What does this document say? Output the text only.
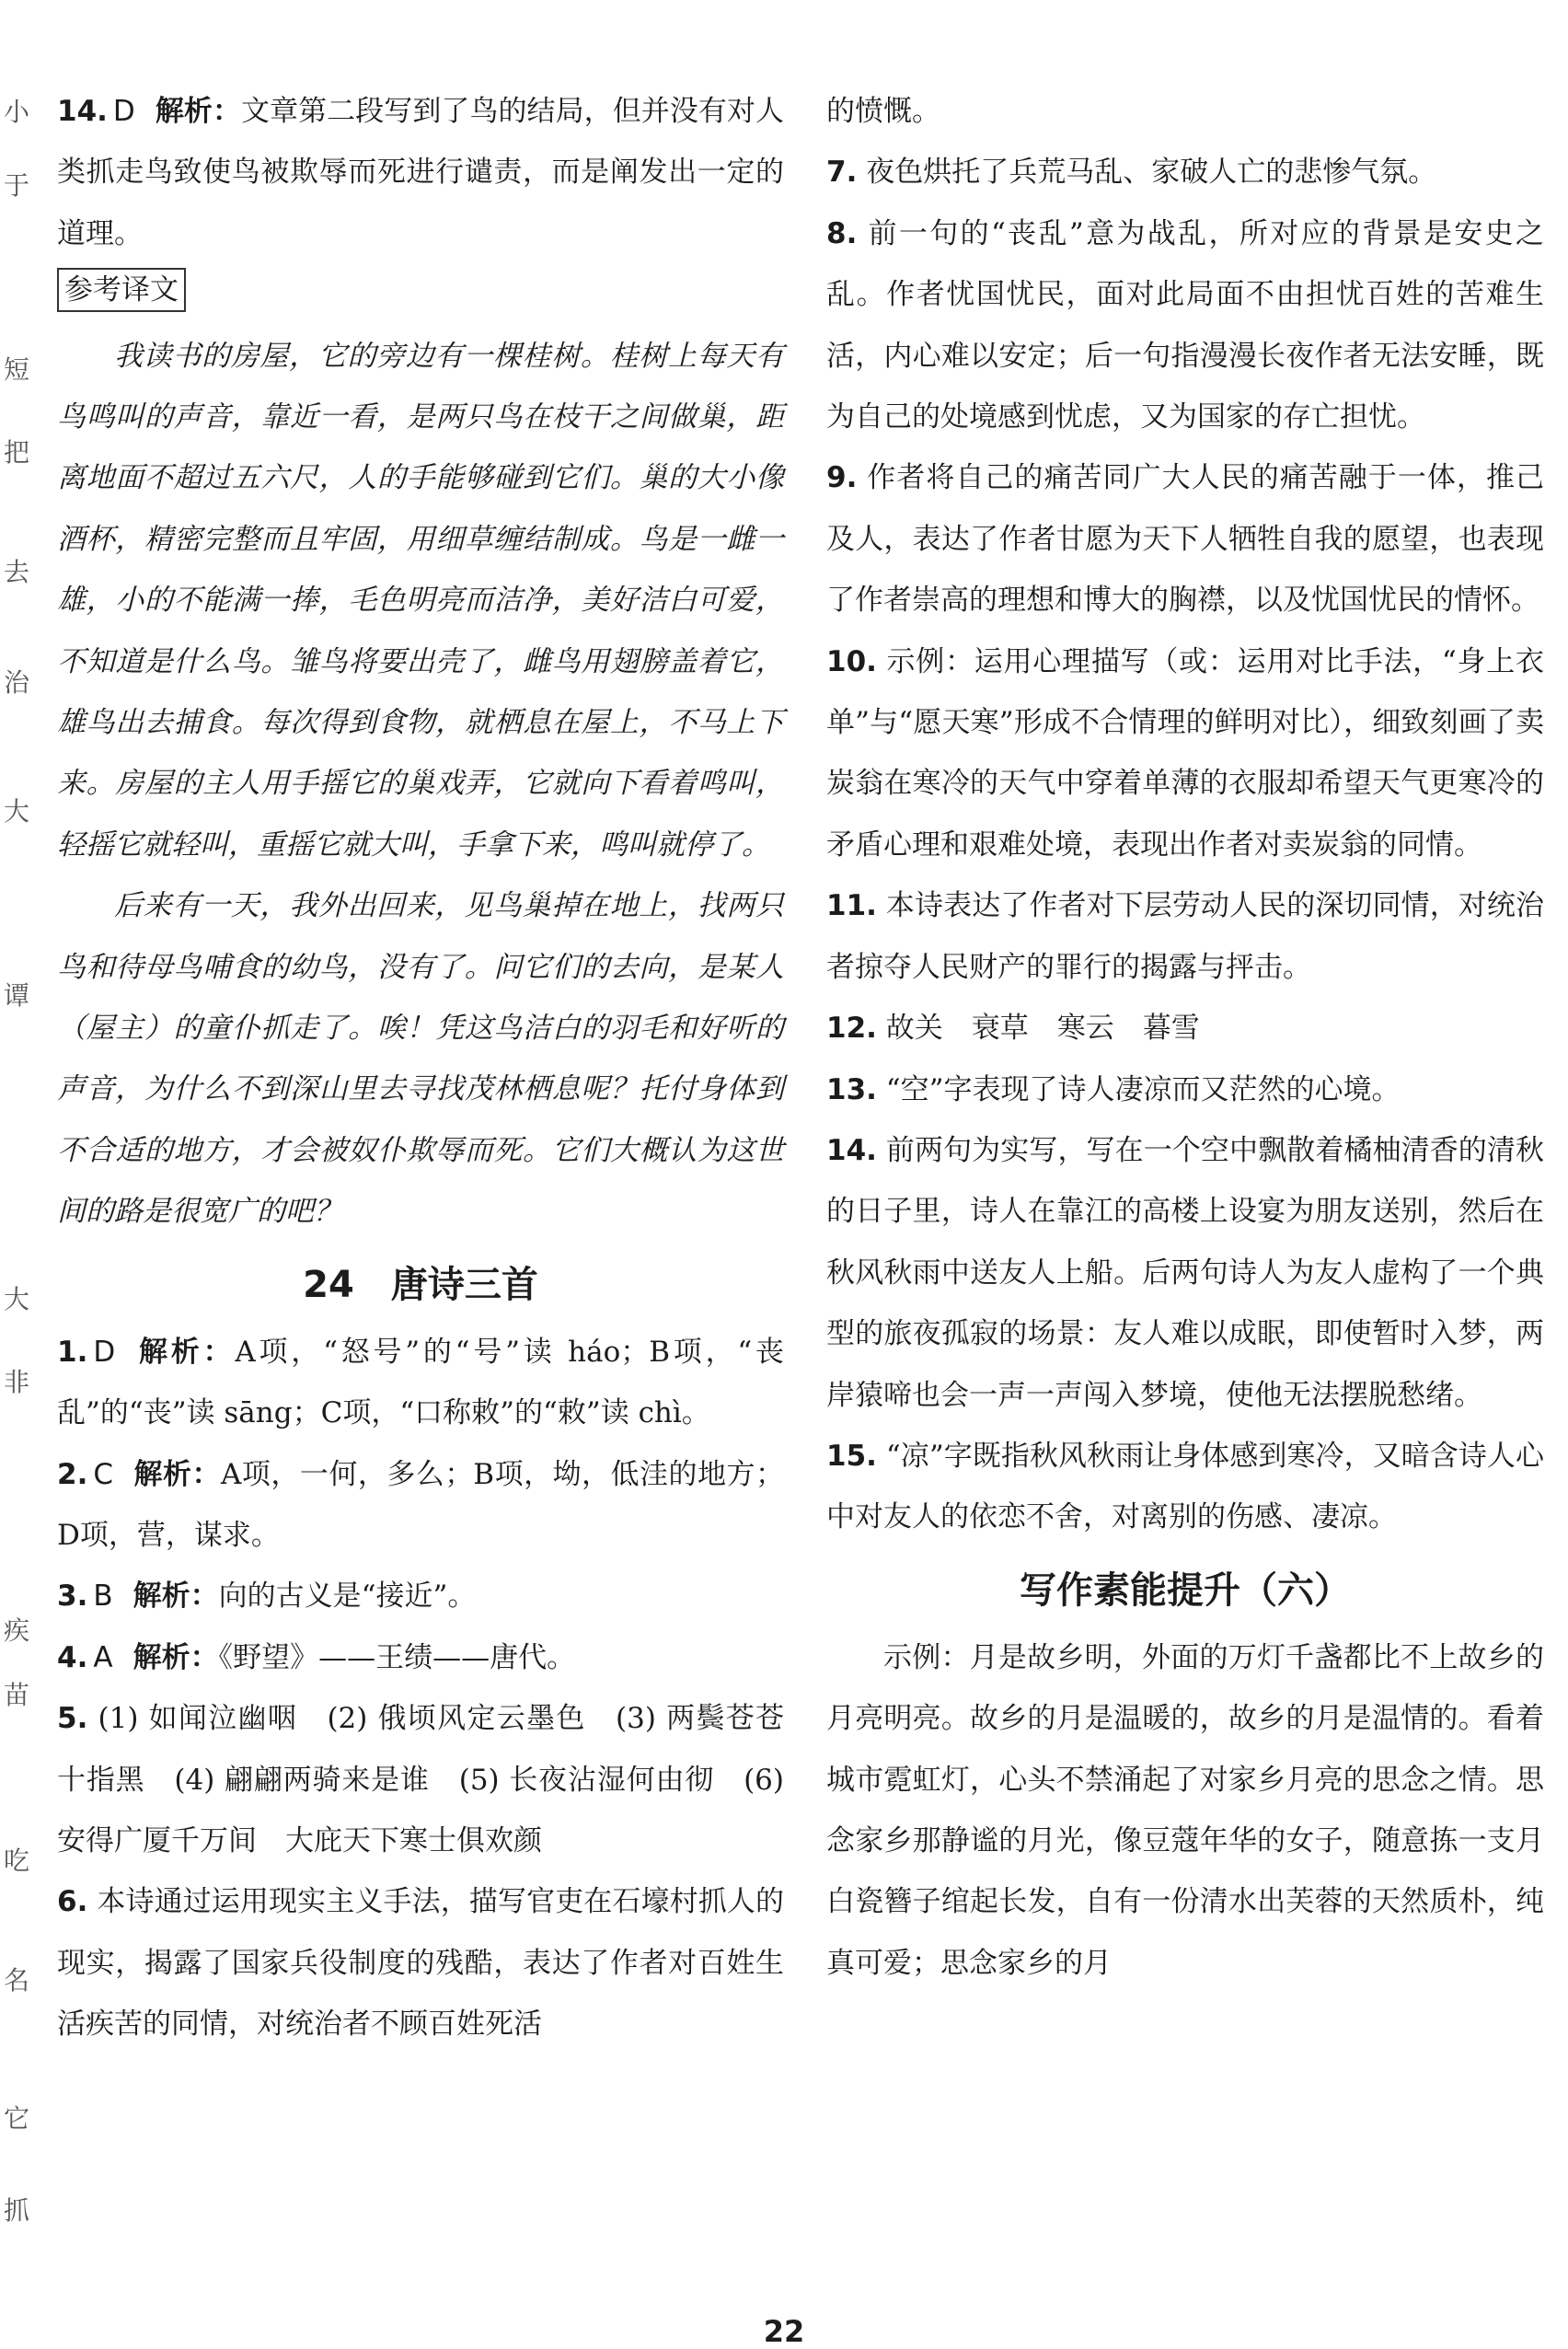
小
于
短
把
去
治
大
谭
大
非
疾
苗
吃
名
它
抓

14. D 解析：文章第二段写到了鸟的结局，但并没有对人类抓走鸟致使鸟被欺辱而死进行谴责，而是阐发出一定的道理。

参考译文

我读书的房屋，它的旁边有一棵桂树。桂树上每天有鸟鸣叫的声音，靠近一看，是两只鸟在枝干之间做巢，距离地面不超过五六尺，人的手能够碰到它们。巢的大小像酒杯，精密完整而且牢固，用细草缠结制成。鸟是一雌一雄，小的不能满一捧，毛色明亮而洁净，美好洁白可爱，不知道是什么鸟。雏鸟将要出壳了，雌鸟用翅膀盖着它，雄鸟出去捕食。每次得到食物，就栖息在屋上，不马上下来。房屋的主人用手摇它的巢戏弄，它就向下看着鸣叫，轻摇它就轻叫，重摇它就大叫，手拿下来，鸣叫就停了。

后来有一天，我外出回来，见鸟巢掉在地上，找两只鸟和待母鸟哺食的幼鸟，没有了。问它们的去向，是某人（屋主）的童仆抓走了。唉！凭这鸟洁白的羽毛和好听的声音，为什么不到深山里去寻找茂林栖息呢？托付身体到不合适的地方，才会被奴仆欺辱而死。它们大概认为这世间的路是很宽广的吧？

24　唐诗三首

1. D 解析：A项，“怒号”的“号”读 háo；B项，“丧乱”的“丧”读 sāng；C项，“口称敕”的“敕”读 chì。

2. C 解析：A项，一何，多么；B项，坳，低洼的地方；D项，营，谋求。

3. B 解析：向的古义是“接近”。

4. A 解析：《野望》——王绩——唐代。

5. (1) 如闻泣幽咽　(2) 俄顷风定云墨色　(3) 两鬓苍苍十指黑　(4) 翩翩两骑来是谁　(5) 长夜沾湿何由彻　(6) 安得广厦千万间　大庇天下寒士俱欢颜

6. 本诗通过运用现实主义手法，描写官吏在石壕村抓人的现实，揭露了国家兵役制度的残酷，表达了作者对百姓生活疾苦的同情，对统治者不顾百姓死活

的愤慨。

7. 夜色烘托了兵荒马乱、家破人亡的悲惨气氛。

8. 前一句的“丧乱”意为战乱，所对应的背景是安史之乱。作者忧国忧民，面对此局面不由担忧百姓的苦难生活，内心难以安定；后一句指漫漫长夜作者无法安睡，既为自己的处境感到忧虑，又为国家的存亡担忧。

9. 作者将自己的痛苦同广大人民的痛苦融于一体，推己及人，表达了作者甘愿为天下人牺牲自我的愿望，也表现了作者崇高的理想和博大的胸襟，以及忧国忧民的情怀。

10. 示例：运用心理描写（或：运用对比手法，“身上衣单”与“愿天寒”形成不合情理的鲜明对比），细致刻画了卖炭翁在寒冷的天气中穿着单薄的衣服却希望天气更寒冷的矛盾心理和艰难处境，表现出作者对卖炭翁的同情。

11. 本诗表达了作者对下层劳动人民的深切同情，对统治者掠夺人民财产的罪行的揭露与抨击。

12. 故关　衰草　寒云　暮雪

13. “空”字表现了诗人凄凉而又茫然的心境。

14. 前两句为实写，写在一个空中飘散着橘柚清香的清秋的日子里，诗人在靠江的高楼上设宴为朋友送别，然后在秋风秋雨中送友人上船。后两句诗人为友人虚构了一个典型的旅夜孤寂的场景：友人难以成眠，即使暂时入梦，两岸猿啼也会一声一声闯入梦境，使他无法摆脱愁绪。

15. “凉”字既指秋风秋雨让身体感到寒冷，又暗含诗人心中对友人的依恋不舍，对离别的伤感、凄凉。

写作素能提升（六）

示例：月是故乡明，外面的万灯千盏都比不上故乡的月亮明亮。故乡的月是温暖的，故乡的月是温情的。看着城市霓虹灯，心头不禁涌起了对家乡月亮的思念之情。思念家乡那静谧的月光，像豆蔻年华的女子，随意拣一支月白瓷簪子绾起长发，自有一份清水出芙蓉的天然质朴，纯真可爱；思念家乡的月

22
